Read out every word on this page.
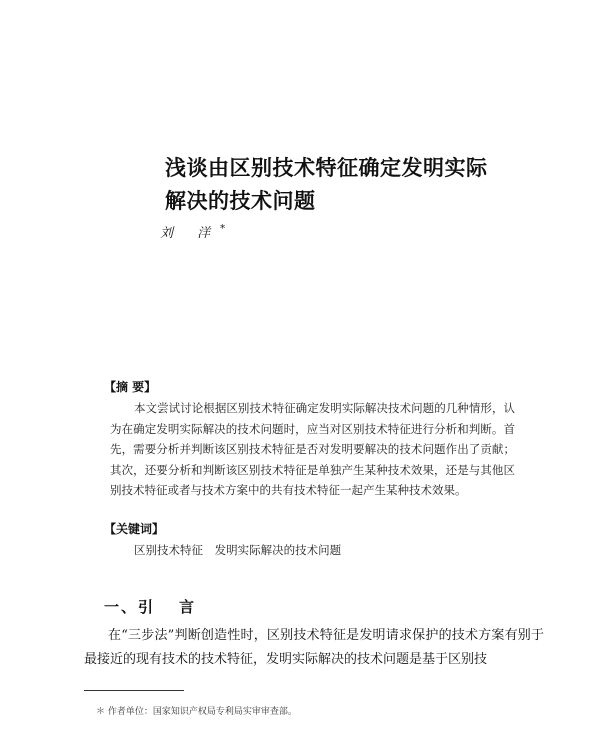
浅谈由区别技术特征确定发明实际
解决的技术问题
刘 洋*
【摘 要】
本文尝试讨论根据区别技术特征确定发明实际解决技术问题的几种情形，认为在确定发明实际解决的技术问题时，应当对区别技术特征进行分析和判断。首先，需要分析并判断该区别技术特征是否对发明要解决的技术问题作出了贡献；其次，还要分析和判断该区别技术特征是单独产生某种技术效果，还是与其他区别技术特征或者与技术方案中的共有技术特征一起产生某种技术效果。
【关键词】
区别技术特征 发明实际解决的技术问题
一、引 言
在“三步法”判断创造性时，区别技术特征是发明请求保护的技术方案有别于最接近的现有技术的技术特征，发明实际解决的技术问题是基于区别技
＊ 作者单位：国家知识产权局专利局实审审查部。
